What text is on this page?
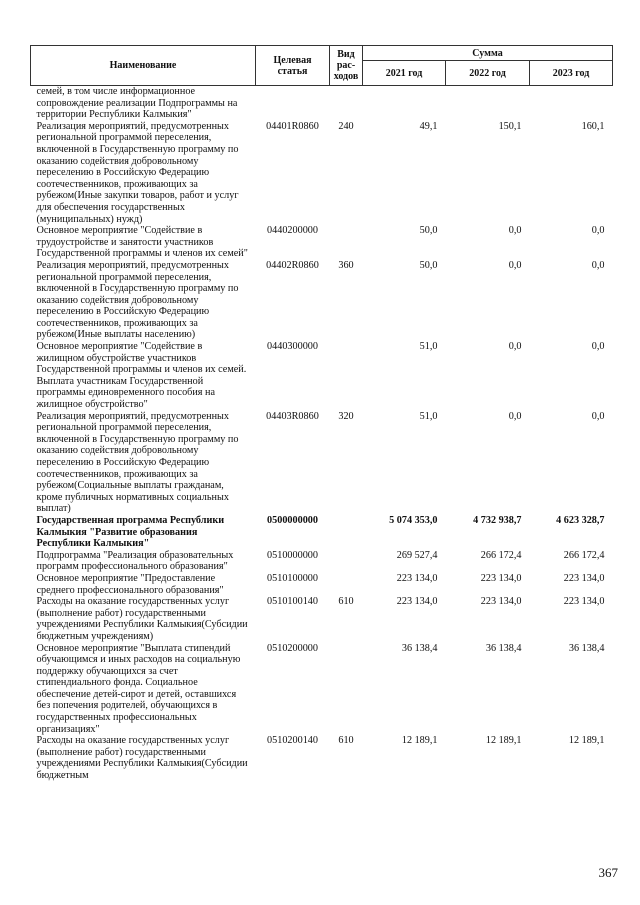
Наименование	Целевая статья	Вид рас-ходов	Сумма		
			2021 год	2022 год	2023 год
семей, в том числе информационное сопровождение реализации Подпрограммы на территории Республики Калмыкия"					
Реализация мероприятий, предусмотренных региональной программой переселения, включенной в Государственную программу по оказанию содействия добровольному переселению в Российскую Федерацию соотечественников, проживающих за рубежом(Иные закупки товаров, работ и услуг для обеспечения государственных (муниципальных) нужд)	04401R0860	240	49,1	150,1	160,1
Основное мероприятие "Содействие в трудоустройстве и занятости участников Государственной программы и членов их семей"	0440200000		50,0	0,0	0,0
Реализация мероприятий, предусмотренных региональной программой переселения, включенной в Государственную программу по оказанию содействия добровольному переселению в Российскую Федерацию соотечественников, проживающих за рубежом(Иные выплаты населению)	04402R0860	360	50,0	0,0	0,0
Основное мероприятие "Содействие в жилищном обустройстве участников Государственной программы и членов их семей. Выплата участникам Государственной программы единовременного пособия на жилищное обустройство"	0440300000		51,0	0,0	0,0
Реализация мероприятий, предусмотренных региональной программой переселения, включенной в Государственную программу по оказанию содействия добровольному переселению в Российскую Федерацию соотечественников, проживающих за рубежом(Социальные выплаты гражданам, кроме публичных нормативных социальных выплат)	04403R0860	320	51,0	0,0	0,0
Государственная программа Республики Калмыкия "Развитие образования Республики Калмыкия"	0500000000		5 074 353,0	4 732 938,7	4 623 328,7
Подпрограмма "Реализация образовательных программ профессионального образования"	0510000000		269 527,4	266 172,4	266 172,4
Основное мероприятие "Предоставление среднего профессионального образования"	0510100000		223 134,0	223 134,0	223 134,0
Расходы на оказание государственных услуг (выполнение работ) государственными учреждениями Республики Калмыкия(Субсидии бюджетным учреждениям)	0510100140	610	223 134,0	223 134,0	223 134,0
Основное мероприятие "Выплата стипендий обучающимся и иных расходов на социальную поддержку обучающихся за счет стипендиального фонда. Социальное обеспечение детей-сирот и детей, оставшихся без попечения родителей, обучающихся в государственных профессиональных организациях"	0510200000		36 138,4	36 138,4	36 138,4
Расходы на оказание государственных услуг (выполнение работ) государственными учреждениями Республики Калмыкия(Субсидии бюджетным	0510200140	610	12 189,1	12 189,1	12 189,1
367
